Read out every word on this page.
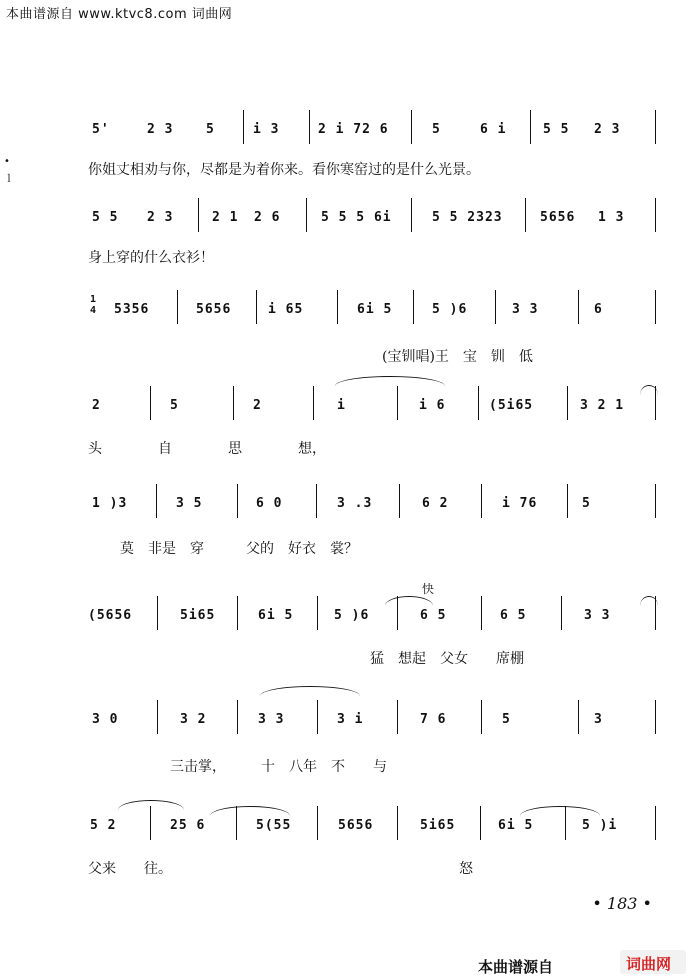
本曲谱源自 www.ktvc8.com 词曲网
•
ｌ
5'	2 3	5	i 3	2 i 72 6	5	6 i	5 5 2 3
你姐丈相劝与你，尽都是为着你来。看你寒窑过的是什么光景。
5 5 2 3	2 1 2 6	5 5 5 6i	5 5 2323	5656 1 3
身上穿的什么衣衫！
5356	5656	i 65	6i 5	5 )6	3 3	6
1
4
(宝钏唱)王　宝　钏　低
2	5	2	i	i 6	(5i65	3 2 1
头　　　　自　　　　思　　　　想，
1 )3	3 5	6 0	3 .3	6 2	i 76	5
莫　非是　穿　　　父的　好衣　裳？
(5656	5i65	6i 5	5 )6	6 5	6 5	3 3
快
猛　想起　父女　　席棚
3 0	3 2	3 3	3 i	7 6	5	3
三击掌，　　　十　八年　不　　与
5 2	25 6	5(55	5656	5i65	6i 5	5 )i
父来　　往。　　　　　　　　　　　　　　　　　　　　　怒
• 183 •
本曲谱源自	词曲网
